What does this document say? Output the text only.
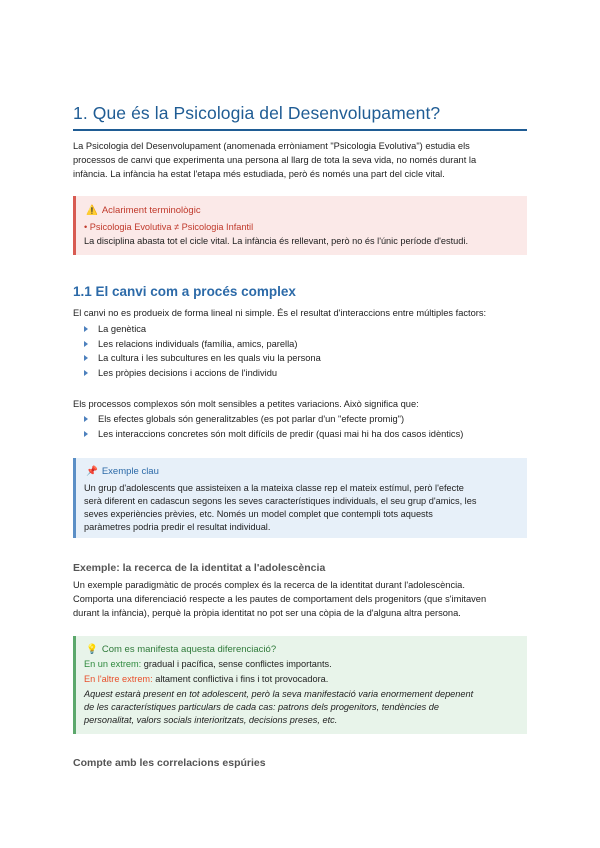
1. Que és la Psicologia del Desenvolupament?
La Psicologia del Desenvolupament (anomenada erròniament "Psicologia Evolutiva") estudia els
processos de canvi que experimenta una persona al llarg de tota la seva vida, no només durant la
infància. La infància ha estat l'etapa més estudiada, però és només una part del cicle vital.
⚠️ Aclariment terminològic
• Psicologia Evolutiva ≠ Psicologia Infantil
La disciplina abasta tot el cicle vital. La infància és rellevant, però no és l'únic període d'estudi.
1.1 El canvi com a procés complex
El canvi no es produeix de forma lineal ni simple. És el resultat d'interaccions entre múltiples factors:
La genètica
Les relacions individuals (família, amics, parella)
La cultura i les subcultures en les quals viu la persona
Les pròpies decisions i accions de l'individu
Els processos complexos són molt sensibles a petites variacions. Això significa que:
Els efectes globals són generalitzables (es pot parlar d'un "efecte promig")
Les interaccions concretes són molt difícils de predir (quasi mai hi ha dos casos idèntics)
📌 Exemple clau
Un grup d'adolescents que assisteixen a la mateixa classe rep el mateix estímul, però l'efecte
serà diferent en cadascun segons les seves característiques individuals, el seu grup d'amics, les
seves experiències prèvies, etc. Només un model complet que contempli tots aquests
paràmetres podria predir el resultat individual.
Exemple: la recerca de la identitat a l'adolescència
Un exemple paradigmàtic de procés complex és la recerca de la identitat durant l'adolescència.
Comporta una diferenciació respecte a les pautes de comportament dels progenitors (que s'imitaven
durant la infància), perquè la pròpia identitat no pot ser una còpia de la d'alguna altra persona.
💡 Com es manifesta aquesta diferenciació?
En un extrem: gradual i pacífica, sense conflictes importants.
En l'altre extrem: altament conflictiva i fins i tot provocadora.
Aquest estarà present en tot adolescent, però la seva manifestació varia enormement depenent
de les característiques particulars de cada cas: patrons dels progenitors, tendències de
personalitat, valors socials interioritzats, decisions preses, etc.
Compte amb les correlacions espúries
